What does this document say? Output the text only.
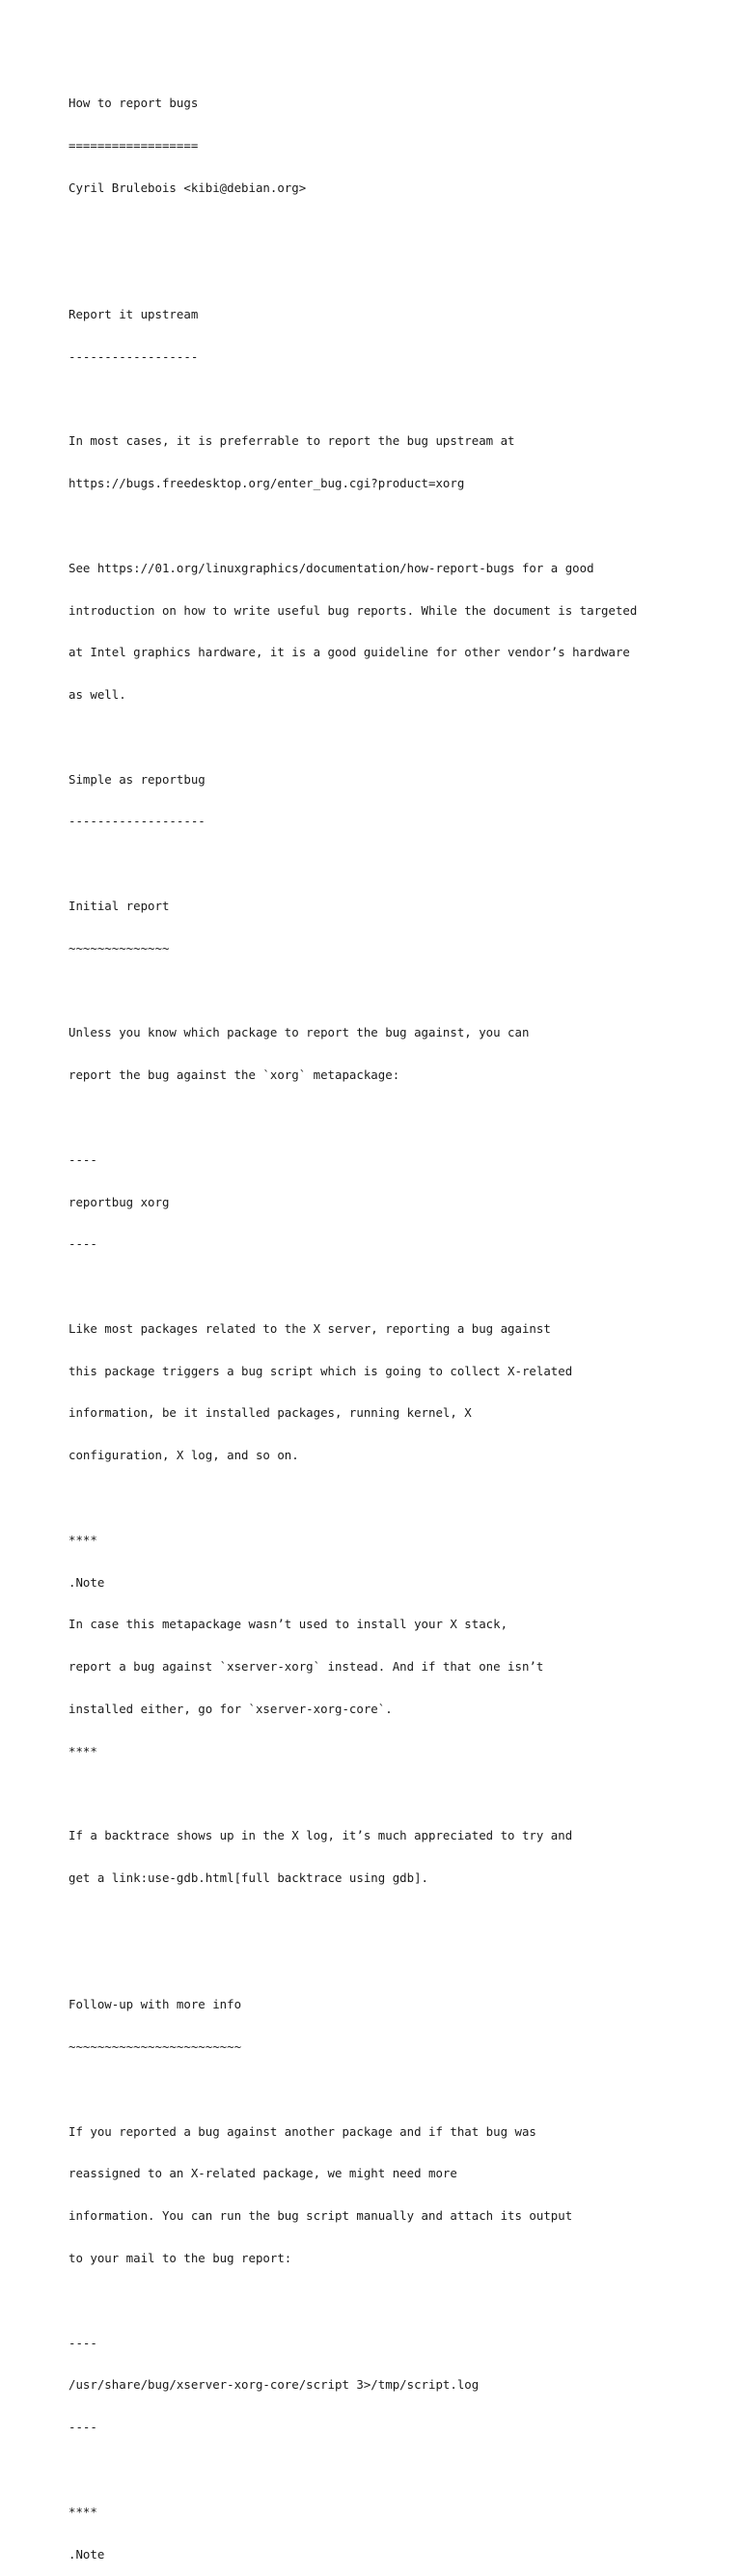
How to report bugs

==================

Cyril Brulebois <kibi@debian.org>

Report it upstream

------------------

In most cases, it is preferrable to report the bug upstream at

https://bugs.freedesktop.org/enter_bug.cgi?product=xorg

See https://01.org/linuxgraphics/documentation/how-report-bugs for a good

introduction on how to write useful bug reports. While the document is targeted

at Intel graphics hardware, it is a good guideline for other vendor’s hardware

as well.

Simple as reportbug

-------------------

Initial report

~~~~~~~~~~~~~~

Unless you know which package to report the bug against, you can

report the bug against the `xorg` metapackage:

----

reportbug xorg

----

Like most packages related to the X server, reporting a bug against

this package triggers a bug script which is going to collect X-related

information, be it installed packages, running kernel, X

configuration, X log, and so on.

****

.Note

In case this metapackage wasn’t used to install your X stack,

report a bug against `xserver-xorg` instead. And if that one isn’t

installed either, go for `xserver-xorg-core`.

****

If a backtrace shows up in the X log, it’s much appreciated to try and

get a link:use-gdb.html[full backtrace using gdb].

Follow-up with more info

~~~~~~~~~~~~~~~~~~~~~~~~

If you reported a bug against another package and if that bug was

reassigned to an X-related package, we might need more

information. You can run the bug script manually and attach its output

to your mail to the bug report:

----

/usr/share/bug/xserver-xorg-core/script 3>/tmp/script.log

----

****

.Note
